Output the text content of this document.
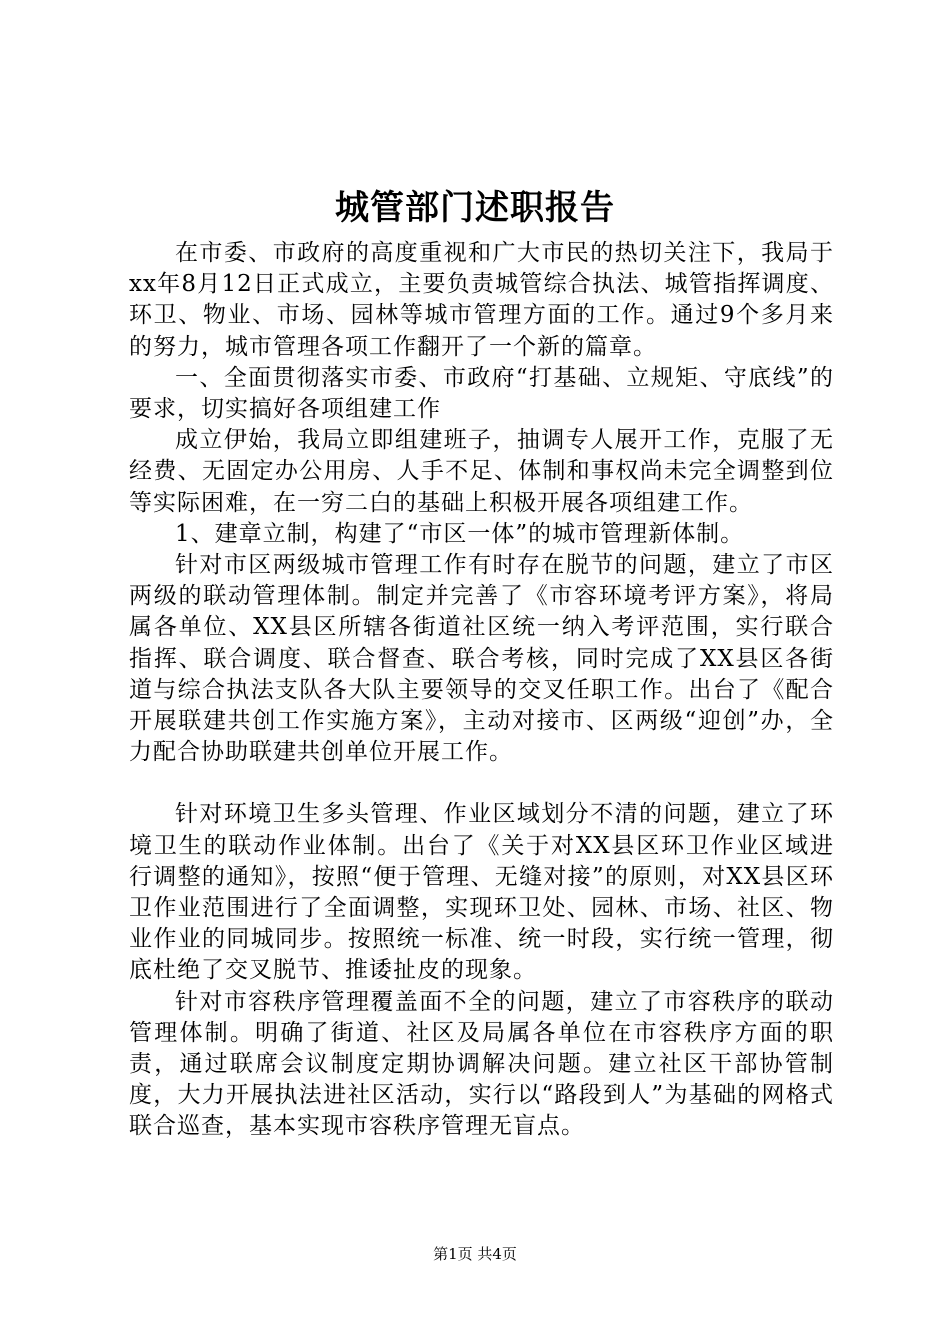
城管部门述职报告

在市委、市政府的高度重视和广大市民的热切关注下，我局于xx年8月12日正式成立，主要负责城管综合执法、城管指挥调度、环卫、物业、市场、园林等城市管理方面的工作。通过9个多月来的努力，城市管理各项工作翻开了一个新的篇章。

一、全面贯彻落实市委、市政府“打基础、立规矩、守底线”的要求，切实搞好各项组建工作

成立伊始，我局立即组建班子，抽调专人展开工作，克服了无经费、无固定办公用房、人手不足、体制和事权尚未完全调整到位等实际困难，在一穷二白的基础上积极开展各项组建工作。

1、建章立制，构建了“市区一体”的城市管理新体制。

针对市区两级城市管理工作有时存在脱节的问题，建立了市区两级的联动管理体制。制定并完善了《市容环境考评方案》，将局属各单位、XX县区所辖各街道社区统一纳入考评范围，实行联合指挥、联合调度、联合督查、联合考核，同时完成了XX县区各街道与综合执法支队各大队主要领导的交叉任职工作。出台了《配合开展联建共创工作实施方案》，主动对接市、区两级“迎创”办，全力配合协助联建共创单位开展工作。

针对环境卫生多头管理、作业区域划分不清的问题，建立了环境卫生的联动作业体制。出台了《关于对XX县区环卫作业区域进行调整的通知》，按照“便于管理、无缝对接”的原则，对XX县区环卫作业范围进行了全面调整，实现环卫处、园林、市场、社区、物业作业的同城同步。按照统一标准、统一时段，实行统一管理，彻底杜绝了交叉脱节、推诿扯皮的现象。

针对市容秩序管理覆盖面不全的问题，建立了市容秩序的联动管理体制。明确了街道、社区及局属各单位在市容秩序方面的职责，通过联席会议制度定期协调解决问题。建立社区干部协管制度，大力开展执法进社区活动，实行以“路段到人”为基础的网格式联合巡查，基本实现市容秩序管理无盲点。

第1页 共4页
